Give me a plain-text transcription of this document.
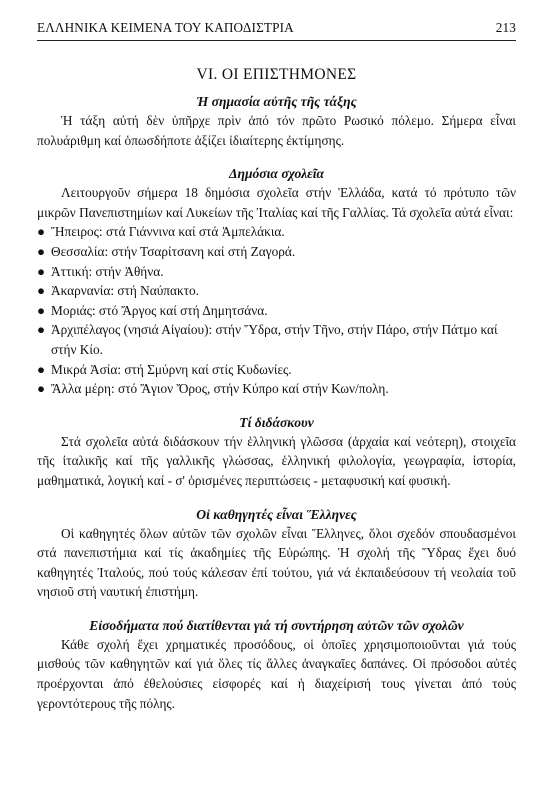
ΕΛΛΗΝΙΚΑ ΚΕΙΜΕΝΑ ΤΟΥ ΚΑΠΟΔΙΣΤΡΙΑ	213
VI. ΟΙ ΕΠΙΣΤΗΜΟΝΕΣ
Ἡ σημασία αὐτῆς τῆς τάξης

Ἡ τάξη αὐτή δὲν ὑπῆρχε πρὶν ἀπό τόν πρῶτο Ρωσικό πόλεμο. Σήμερα εἶναι πολυάριθμη καί ὁπωσδήποτε ἀξίζει ἰδιαίτερης ἐκτίμησης.

Δημόσια σχολεῖα

Λειτουργοῦν σήμερα 18 δημόσια σχολεῖα στήν Ἑλλάδα, κατά τό πρότυπο τῶν μικρῶν Πανεπιστημίων καί Λυκείων τῆς Ἰταλίας καί τῆς Γαλλίας. Τά σχολεῖα αὐτά εἶναι:

● Ἤπειρος: στά Γιάννινα καί στά Ἀμπελάκια.
● Θεσσαλία: στήν Τσαρίτσανη καί στή Ζαγορά.
● Ἀττική: στήν Ἀθήνα.
● Ἀκαρνανία: στή Ναύπακτο.
● Μοριάς: στό Ἄργος καί στή Δημητσάνα.
● Ἀρχιπέλαγος (νησιά Αἰγαίου): στήν Ὕδρα, στήν Τῆνο, στήν Πάρο, στήν Πάτμο καί στήν Κίο.
● Μικρά Ἀσία: στή Σμύρνη καί στίς Κυδωνίες.
● Ἄλλα μέρη: στό Ἅγιον Ὄρος, στήν Κύπρο καί στήν Κων/πολη.
Τί διδάσκουν

Στά σχολεῖα αὐτά διδάσκουν τήν ἑλληνική γλῶσσα (ἀρχαία καί νεότερη), στοιχεῖα τῆς ἰταλικῆς καί τῆς γαλλικῆς γλώσσας, ἑλληνική φιλολογία, γεωγραφία, ἱστορία, μαθηματικά, λογική καί - σ' ὁρισμένες περιπτώσεις - μεταφυσική καί φυσική.

Οἱ καθηγητές εἶναι Ἕλληνες

Οἱ καθηγητές ὅλων αὐτῶν τῶν σχολῶν εἶναι Ἕλληνες, ὅλοι σχεδόν σπουδασμένοι στά πανεπιστήμια καί τίς ἀκαδημίες τῆς Εὐρώπης. Ἡ σχολή τῆς Ὕδρας ἔχει δυό καθηγητές Ἰταλούς, πού τούς κάλεσαν ἐπί τούτου, γιά νά ἐκπαιδεύσουν τή νεολαία τοῦ νησιοῦ στή ναυτική ἐπιστήμη.

Εἰσοδήματα πού διατίθενται γιά τή συντήρηση αὐτῶν τῶν σχολῶν

Κάθε σχολή ἔχει χρηματικές προσόδους, οἱ ὁποῖες χρησιμοποιοῦνται γιά τούς μισθούς τῶν καθηγητῶν καί γιά ὅλες τίς ἄλλες ἀναγκαῖες δαπάνες. Οἱ πρόσοδοι αὐτές προέρχονται ἀπό ἐθελούσιες εἰσφορές καί ἡ διαχείρισή τους γίνεται ἀπό τούς γεροντότερους τῆς πόλης.
